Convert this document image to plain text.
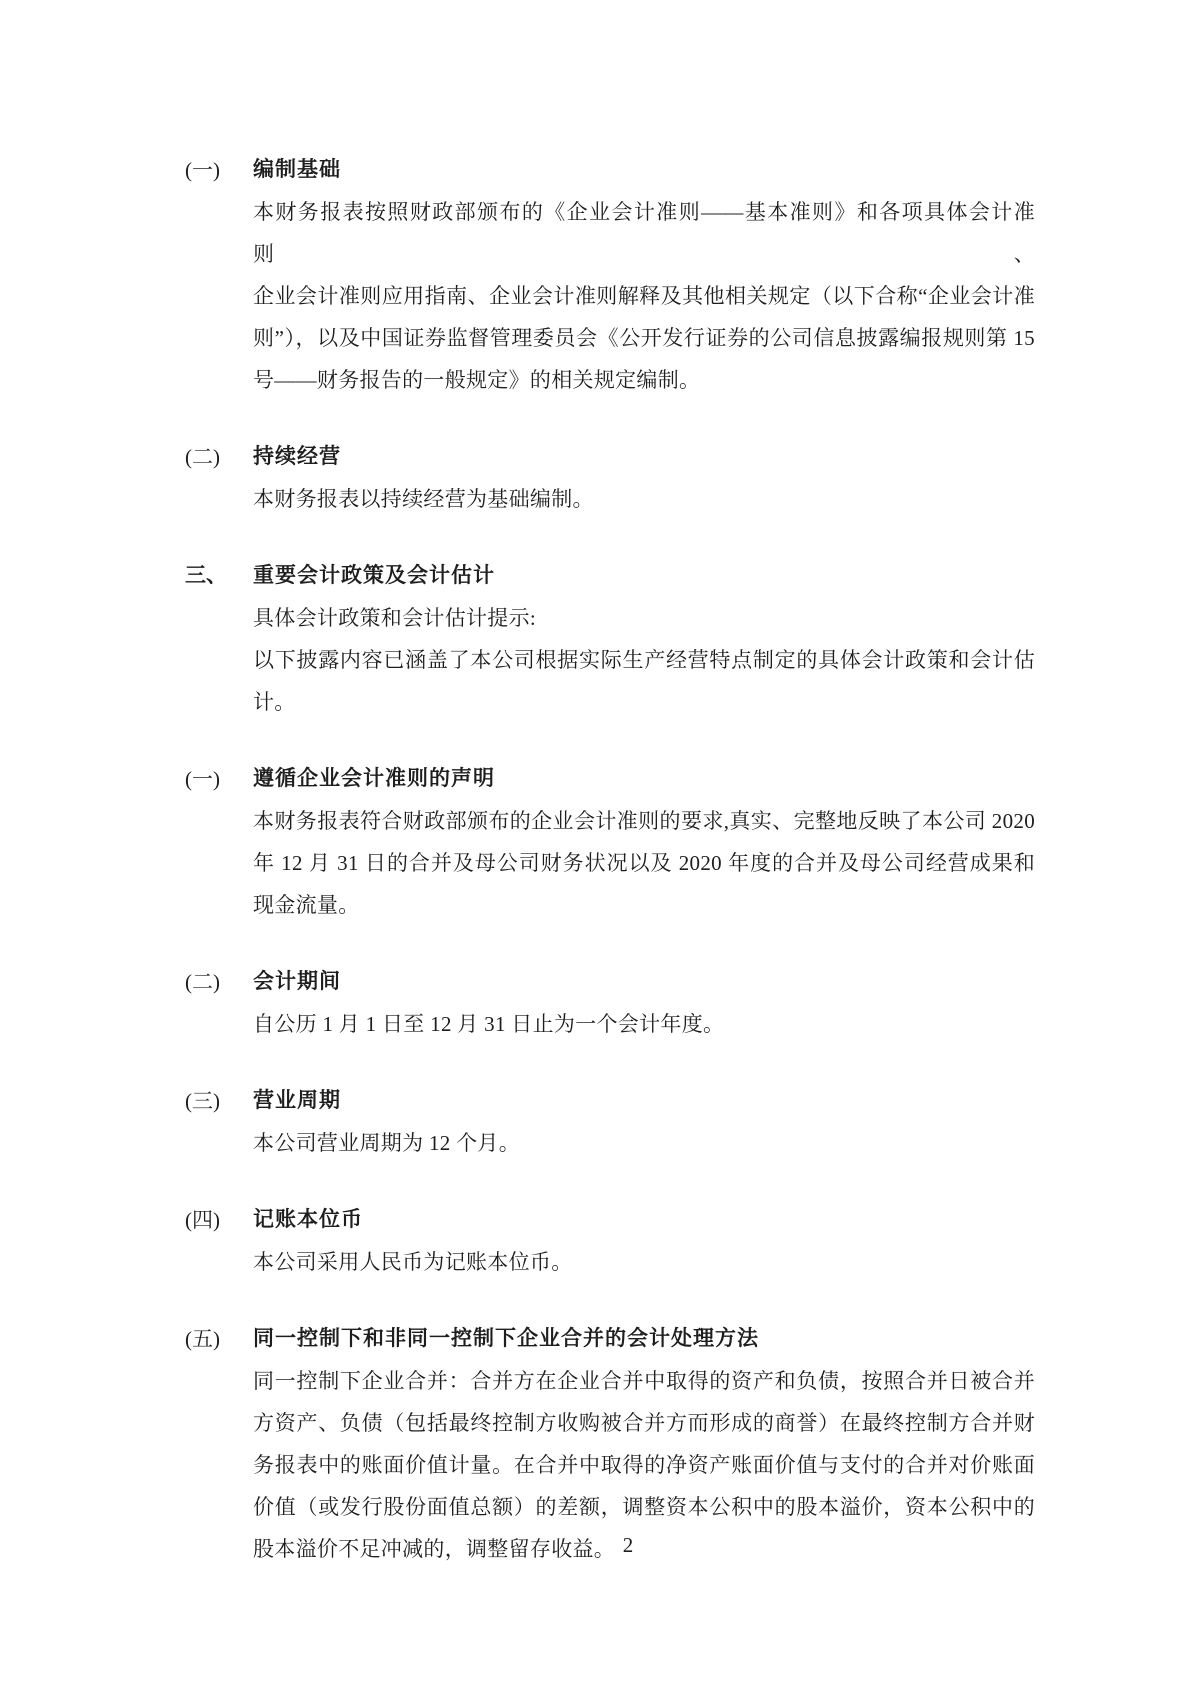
(一)	编制基础
本财务报表按照财政部颁布的《企业会计准则——基本准则》和各项具体会计准则、
企业会计准则应用指南、企业会计准则解释及其他相关规定（以下合称“企业会计准
则”），以及中国证券监督管理委员会《公开发行证券的公司信息披露编报规则第 15
号——财务报告的一般规定》的相关规定编制。
(二)	持续经营
本财务报表以持续经营为基础编制。
三、	重要会计政策及会计估计
具体会计政策和会计估计提示:
以下披露内容已涵盖了本公司根据实际生产经营特点制定的具体会计政策和会计估
计。
(一)	遵循企业会计准则的声明
本财务报表符合财政部颁布的企业会计准则的要求,真实、完整地反映了本公司 2020
年 12 月 31 日的合并及母公司财务状况以及 2020 年度的合并及母公司经营成果和
现金流量。
(二)	会计期间
自公历 1 月 1 日至 12 月 31 日止为一个会计年度。
(三)	营业周期
本公司营业周期为 12 个月。
(四)	记账本位币
本公司采用人民币为记账本位币。
(五)	同一控制下和非同一控制下企业合并的会计处理方法
同一控制下企业合并：合并方在企业合并中取得的资产和负债，按照合并日被合并
方资产、负债（包括最终控制方收购被合并方而形成的商誉）在最终控制方合并财
务报表中的账面价值计量。在合并中取得的净资产账面价值与支付的合并对价账面
价值（或发行股份面值总额）的差额，调整资本公积中的股本溢价，资本公积中的
股本溢价不足冲减的，调整留存收益。 2
